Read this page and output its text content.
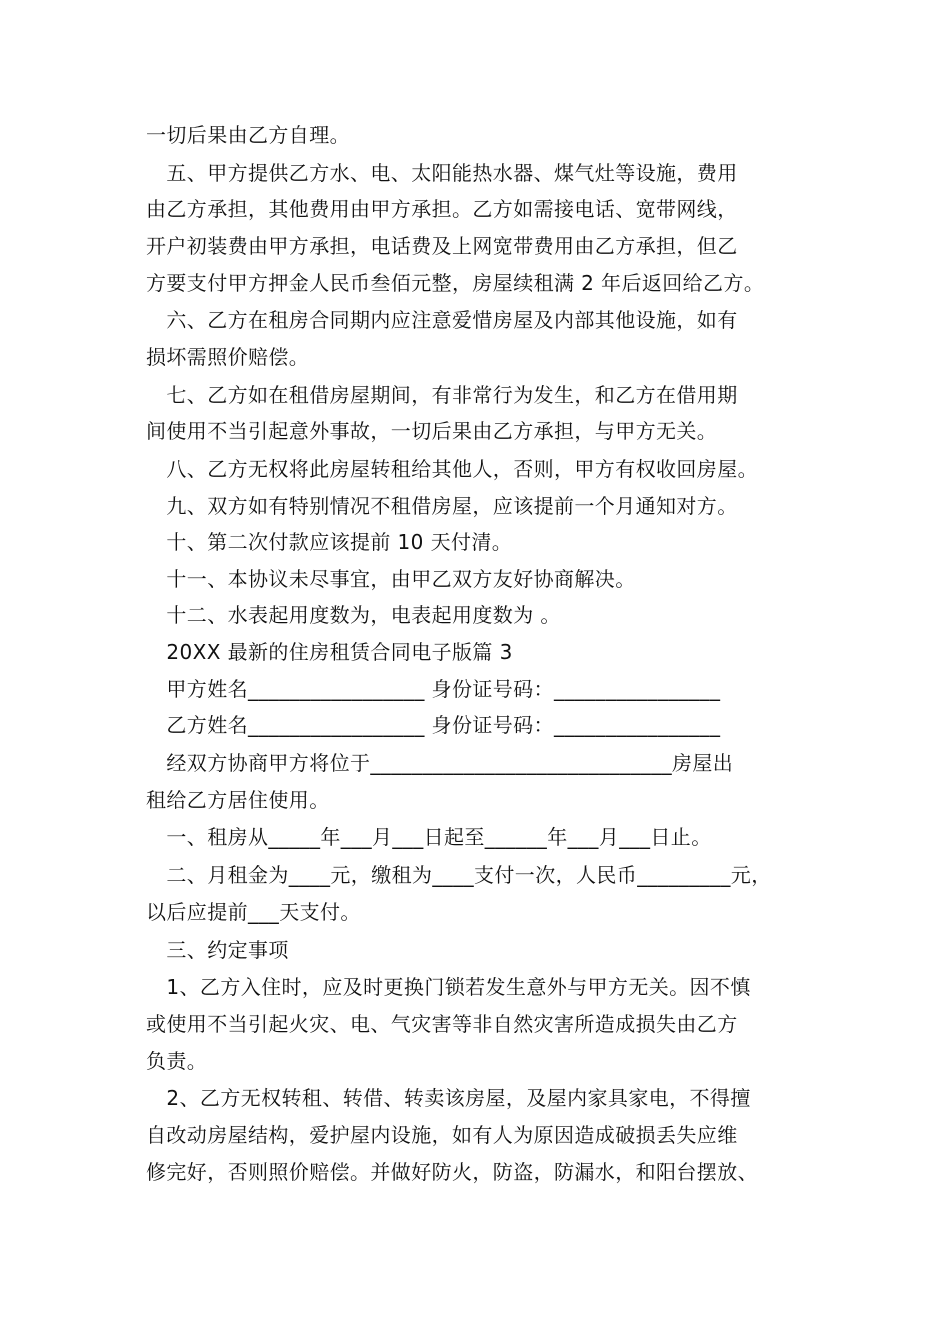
一切后果由乙方自理。
　五、甲方提供乙方水、电、太阳能热水器、煤气灶等设施，费用
由乙方承担，其他费用由甲方承担。乙方如需接电话、宽带网线，
开户初装费由甲方承担，电话费及上网宽带费用由乙方承担，但乙
方要支付甲方押金人民币叁佰元整，房屋续租满 2 年后返回给乙方。
　六、乙方在租房合同期内应注意爱惜房屋及内部其他设施，如有
损坏需照价赔偿。
　七、乙方如在租借房屋期间，有非常行为发生，和乙方在借用期
间使用不当引起意外事故，一切后果由乙方承担，与甲方无关。
　八、乙方无权将此房屋转租给其他人，否则，甲方有权收回房屋。
　九、双方如有特别情况不租借房屋，应该提前一个月通知对方。
　十、第二次付款应该提前 10 天付清。
　十一、本协议未尽事宜，由甲乙双方友好协商解决。
　十二、水表起用度数为，电表起用度数为 。
　20XX 最新的住房租赁合同电子版篇 3
　甲方姓名_________________ 身份证号码：________________
　乙方姓名_________________ 身份证号码：________________
　经双方协商甲方将位于_____________________________房屋出
租给乙方居住使用。
　一、租房从_____年___月___日起至______年___月___日止。
　二、月租金为____元，缴租为____支付一次，人民币_________元，
以后应提前___天支付。
　三、约定事项
　1、乙方入住时，应及时更换门锁若发生意外与甲方无关。因不慎
或使用不当引起火灾、电、气灾害等非自然灾害所造成损失由乙方
负责。
　2、乙方无权转租、转借、转卖该房屋，及屋内家具家电，不得擅
自改动房屋结构，爱护屋内设施，如有人为原因造成破损丢失应维
修完好，否则照价赔偿。并做好防火，防盗，防漏水，和阳台摆放、
